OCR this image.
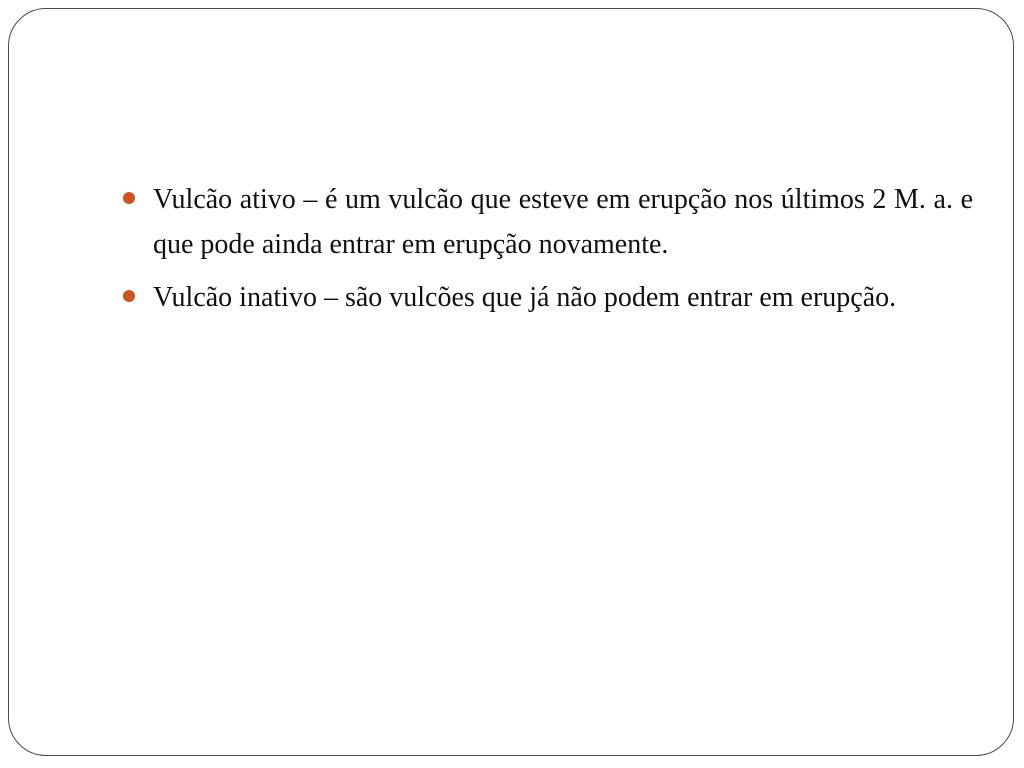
Vulcão ativo – é um vulcão que esteve em erupção nos últimos 2 M. a. e que pode ainda entrar em erupção novamente.
Vulcão inativo – são vulcões que já não podem entrar em erupção.
